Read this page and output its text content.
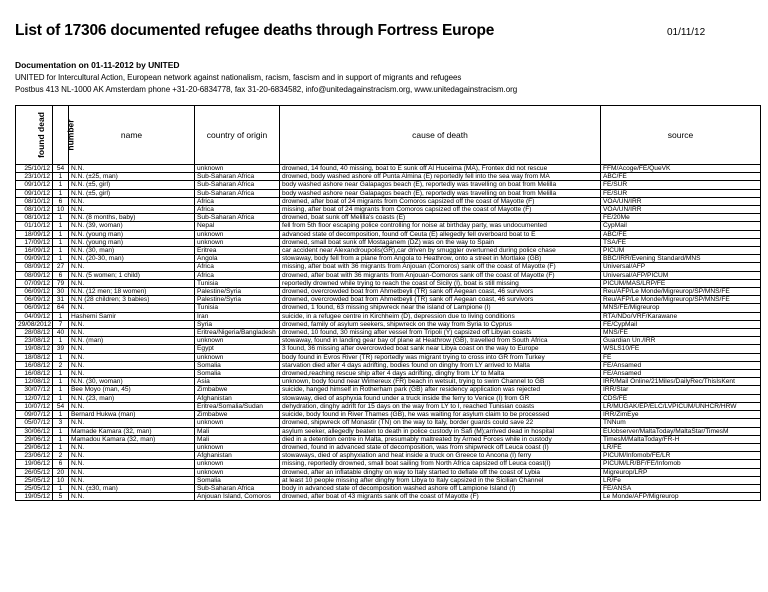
List of 17306 documented refugee deaths through Fortress Europe	01/11/12
Documentation on 01-11-2012 by UNITED
UNITED for Intercultural Action, European network against nationalism, racism, fascism and in support of migrants and refugees
Postbus 413 NL-1000 AK Amsterdam phone +31-20-6834778, fax 31-20-6834582, info@unitedagainstracism.org, www.unitedagainstracism.org
found dead	number	name	country of origin	cause of death	source
25/10/12	54	N.N.	unknown	drowned, 14 found, 40 missing, boat to E sunk off Al Huceima (MA), Frontex did not rescue	FFM/Acoge/FE/QueVK
23/10/12	1	N.N. (±25, man)	Sub-Saharan Africa	drowned, body washed ashore off Punta Almina (E) reportedly fell into the sea way from MA	ABC/FE
09/10/12	1	N.N. (±5, girl)	Sub-Saharan Africa	body washed ashore near Galapagos beach (E), reportedly was travelling on boat from Melilla	FE/SUR
09/10/12	1	N.N. (±5, girl)	Sub-Saharan Africa	body washed ashore near Galapagos beach (E), reportedly was travelling on boat from Melilla	FE/SUR
08/10/12	6	N.N.	Africa	drowned, after boat of 24 migrants from Comoros capsized off the coast of Mayotte (F)	VOA/UN/IRR
08/10/12	10	N.N.	Africa	missing, after boat of 24 migrants from Comoros capsized off the coast of Mayotte (F)	VOA/UN/IRR
08/10/12	1	N.N. (8 months, baby)	Sub-Saharan Africa	drowned, boat sunk off Melilla's coasts (E)	FE/20Me
01/10/12	1	N.N. (39, woman)	Nepal	fell from 5th floor escaping police controlling for noise at birthday party, was undocumented	CypMail
18/09/12	1	N.N. (young man)	unknown	advanced state of decomposition, found off Ceuta (E) allegedly fell overboard boat to E	ABC/FE
17/09/12	1	N.N. (young man)	unknown	drowned, small boat sunk off Mostaganem (DZ) was on the way to Spain	TSA/FE
16/09/12	1	N.N. (30, man)	Eritrea	car accident near Alexandroupolis(GR),car driven by smuggler overturned during police chase	PICUM
09/09/12	1	N.N. (20-30, man)	Angola	stowaway, body fell from a plane from Angola to Heathrow, onto a street in Mortlake (GB)	BBC/IRR/Evening Standard/MNS
08/09/12	27	N.N.	Africa	missing, after boat with 36 migrants from Anjouan (Comoros) sank off the coast of Mayotte (F)	Universal/AFP
08/09/12	6	N.N. (5 women; 1 child)	Africa	drowned, after boat with 36 migrants from Anjouan-Comoros sank off the coast of Mayotte (F)	Universal/AFP/PICUM
07/09/12	79	N.N.	Tunisia	reportedly drowned while trying to reach the coast of Sicily (I), boat is still missing	PICUM/MAS/LRP/FE
06/09/12	30	N.N. (12 men; 18 women)	Palestine/Syria	drowned, overcrowded boat from Ahmetbeyli (TR) sank off Aegean coast, 46 survivors	Reu/AFP/Le Monde/Migreurop/SP/MNS/FE
06/09/12	31	N.N (28 children; 3 babies)	Palestine/Syria	drowned, overcrowded boat from Ahmetbeyli (TR) sank off Aegean coast, 46 survivors	Reu/AFP/Le Monde/Migreurop/SP/MNS/FE
06/09/12	64	N.N.	Tunisia	drowned, 1 found, 63 missing shipwreck near the island of Lampione (I)	MNS/FE/Migreurop
04/09/12	1	Hashemi Samir	Iran	suicide, in a refugee centre in Kirchheim (D), depression due to living conditions	RTA/NDo/VRF/Karawane
29/08/2012	7	N.N.	Syria	drowned, family of asylum seekers, shipwreck on the way from Syria to Cyprus	FE/CypMail
28/08/12	40	N.N.	Eritrea/Nigeria/Bangladesh	drowned, 10 found, 30 missing after vessel from Tripoli (Y) capsized off Libyan coasts	MNS/FE
23/08/12	1	N.N. (man)	unknown	stowaway, found in landing gear bay of plane at Heathrow (GB), travelled from South Africa	Guardian Un./IRR
19/08/12	39	N.N.	Egypt	3 found, 36 missing after overcrowded boat sank near Libya coast on the way to Europe	WSLS10/FE
18/08/12	1	N.N.	unknown	body found in Evros River (TR) reportedly was migrant trying to cross into GR from Turkey	FE
16/08/12	2	N.N.	Somalia	starvation died after 4 days adrifting, bodies found on dinghy from LY arrived to Malta	FE/Ansamed
16/08/12	1	N.N.	Somalia	drowned,reaching rescue ship after 4 days adrifting, dinghy from LY to Malta	FE/Ansamed
12/08/12	1	N.N. (30, woman)	Asia	unknown, body found near Wimereux (FR) beach in wetsuit, trying to swim Channel to GB	IRR/Mail Online/21Miles/DailyRec/ThisIsKent
30/07/12	1	Bee Moyo (man, 45)	Zimbabwe	suicide, hanged himself in Rotherham park (GB) after residency application was rejected	IRR/Star
12/07/12	1	N.N. (23, man)	Afghanistan	stowaway, died of asphyxia found under a truck inside the ferry to Venice (I) from GR	CDS/FE
10/07/12	54	N.N.	Eritrea/Somalia/Sudan	dehydration, dinghy adrift for 15 days on the way from LY to I, reached Tunisian coasts	LR/MUGAK/EP/ELC/LVPICUM/UNHCR/HRW
09/07/12	1	Bernard Hukwa (man)	Zimbabwe	suicide, body found in River Thames (GB), he was waiting for asylum claim to be processed	IRR/ZimEye
05/07/12	3	N.N.	unknown	drowned, shipwreck off Monastir (TN) on the way to Italy, border guards could save 22	TNNum
30/06/12	1	Mamade Kamara (32, man)	Mali	asylum seeker, allegedly beaten to death in police custody in Safi (M);arrived dead in hospital	EUobserver/MaltaToday/MaltaStar/TimesM
29/06/12	1	Mamadou Kamara (32, man)	Mali	died in a detention centre in Malta, presumably maltreated by Armed Forces while in custody	TimesM/MaltaToday/FR-H
29/06/12	1	N.N.	unknown	drowned, found in advanced state of decomposition, was from shipwreck off Leuca coast (I)	LR/FE
23/06/12	2	N.N.	Afghanistan	stowaways, died of asphyxiation and heat inside a truck on Greece to Ancona (I) ferry	PICUM/Infomob/FE/LR
19/06/12	6	N.N.	unknown	missing, reportedly drowned, small boat sailing from North Africa capsized off Leuca coast(I)	PICUM/LR/BF/FE/Infomob
26/05/12	20	N.N.	unknown	drowned, after an inflatable dinghy on way to Italy started to deflate off the coast of Lybia	Migreurop/LRP
25/05/12	10	N.N.	Somalia	at least 10 people missing after dinghy from Libya to Italy capsized in the Sicilian Channel	LR/Fe
25/05/12	1	N.N. (±30, man)	Sub-Saharan Africa	body in advanced state of decomposition washed ashore off Lampione Island (I)	FE/ANSA
19/05/12	5	N.N.	Anjouan Island, Comoros	drowned, after boat of 43 migrants sank off the coast of Mayotte (F)	Le Monde/AFP/Migreurop
